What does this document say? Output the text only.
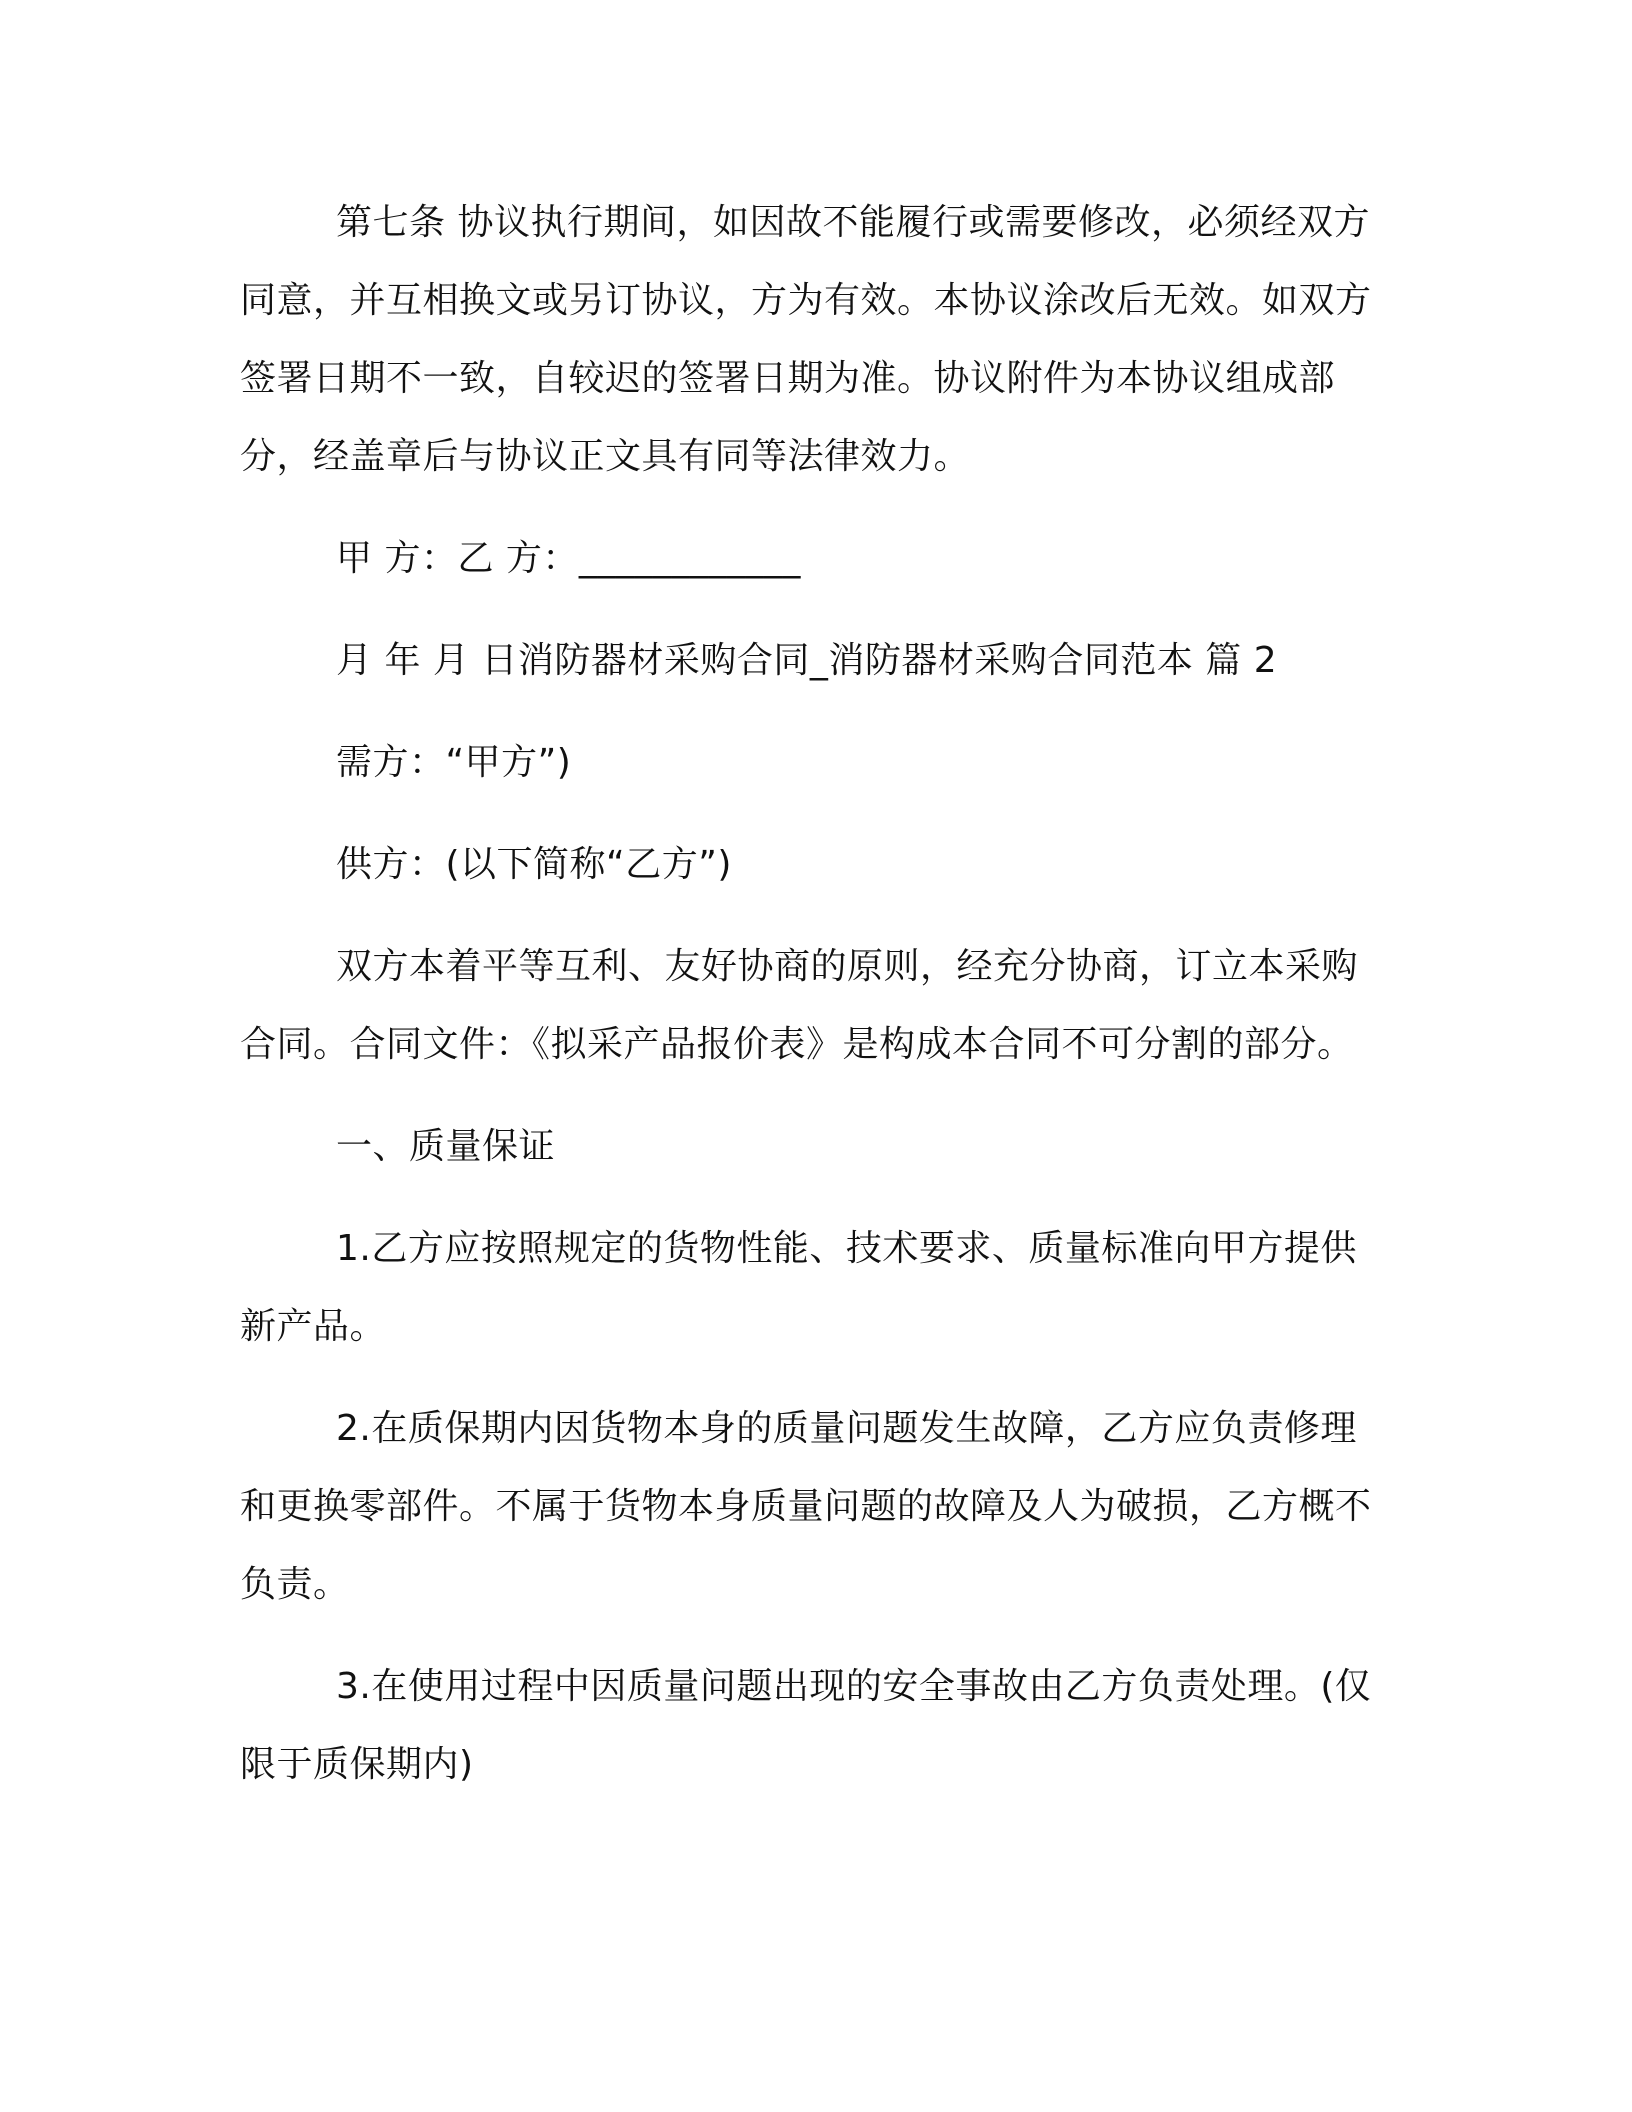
第七条 协议执行期间，如因故不能履行或需要修改，必须经双方同意，并互相换文或另订协议，方为有效。本协议涂改后无效。如双方签署日期不一致，自较迟的签署日期为准。协议附件为本协议组成部分，经盖章后与协议正文具有同等法律效力。

甲 方：乙 方：____________

月 年 月 日消防器材采购合同_消防器材采购合同范本 篇 2

需方：“甲方”)

供方：(以下简称“乙方”)

双方本着平等互利、友好协商的原则，经充分协商，订立本采购合同。合同文件：《拟采产品报价表》是构成本合同不可分割的部分。

一、质量保证

1.乙方应按照规定的货物性能、技术要求、质量标准向甲方提供新产品。

2.在质保期内因货物本身的质量问题发生故障，乙方应负责修理和更换零部件。不属于货物本身质量问题的故障及人为破损，乙方概不负责。

3.在使用过程中因质量问题出现的安全事故由乙方负责处理。(仅限于质保期内)
